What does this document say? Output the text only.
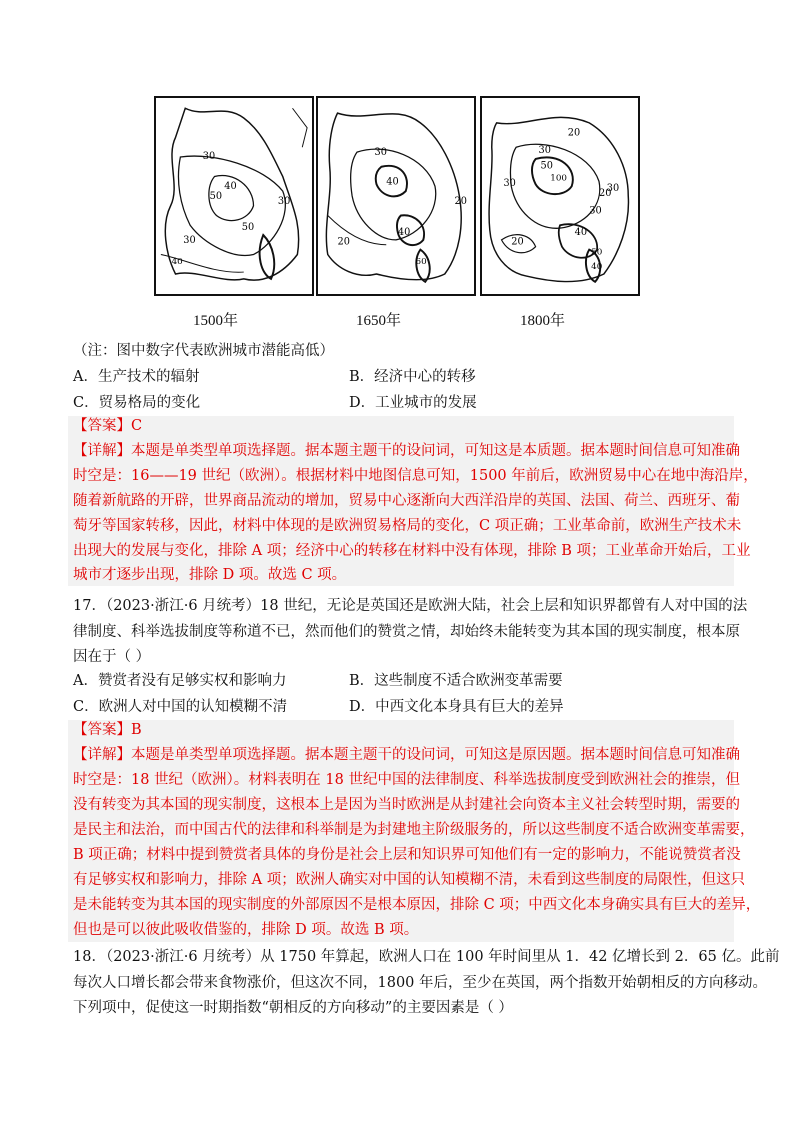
30
40
50	30
30
50
40
30
40
20
20
40
60
20
30
50
100
30
20
20
30
30
40
50
40
1500年	1650年	1800年
（注：图中数字代表欧洲城市潜能高低）
A．生产技术的辐射	B．经济中心的转移
C．贸易格局的变化	D．工业城市的发展
【答案】C
【详解】本题是单类型单项选择题。据本题主题干的设问词，可知这是本质题。据本题时间信息可知准确
时空是：16——19 世纪（欧洲）。根据材料中地图信息可知，1500 年前后，欧洲贸易中心在地中海沿岸，
随着新航路的开辟，世界商品流动的增加，贸易中心逐渐向大西洋沿岸的英国、法国、荷兰、西班牙、葡
萄牙等国家转移，因此，材料中体现的是欧洲贸易格局的变化，C 项正确；工业革命前，欧洲生产技术未
出现大的发展与变化，排除 A 项；经济中心的转移在材料中没有体现，排除 B 项；工业革命开始后，工业
城市才逐步出现，排除 D 项。故选 C 项。
17．（2023·浙江·6 月统考）18 世纪，无论是英国还是欧洲大陆，社会上层和知识界都曾有人对中国的法
律制度、科举选拔制度等称道不已，然而他们的赞赏之情，却始终未能转变为其本国的现实制度，根本原
因在于（ ）
A．赞赏者没有足够实权和影响力	B．这些制度不适合欧洲变革需要
C．欧洲人对中国的认知模糊不清	D．中西文化本身具有巨大的差异
【答案】B
【详解】本题是单类型单项选择题。据本题主题干的设问词，可知这是原因题。据本题时间信息可知准确
时空是：18 世纪（欧洲）。材料表明在 18 世纪中国的法律制度、科举选拔制度受到欧洲社会的推崇，但
没有转变为其本国的现实制度，这根本上是因为当时欧洲是从封建社会向资本主义社会转型时期，需要的
是民主和法治，而中国古代的法律和科举制是为封建地主阶级服务的，所以这些制度不适合欧洲变革需要，
B 项正确；材料中提到赞赏者具体的身份是社会上层和知识界可知他们有一定的影响力，不能说赞赏者没
有足够实权和影响力，排除 A 项；欧洲人确实对中国的认知模糊不清，未看到这些制度的局限性，但这只
是未能转变为其本国的现实制度的外部原因不是根本原因，排除 C 项；中西文化本身确实具有巨大的差异，
但也是可以彼此吸收借鉴的，排除 D 项。故选 B 项。
18．（2023·浙江·6 月统考）从 1750 年算起，欧洲人口在 100 年时间里从 1．42 亿增长到 2．65 亿。此前
每次人口增长都会带来食物涨价，但这次不同，1800 年后，至少在英国，两个指数开始朝相反的方向移动。
下列项中，促使这一时期指数“朝相反的方向移动”的主要因素是（ ）
